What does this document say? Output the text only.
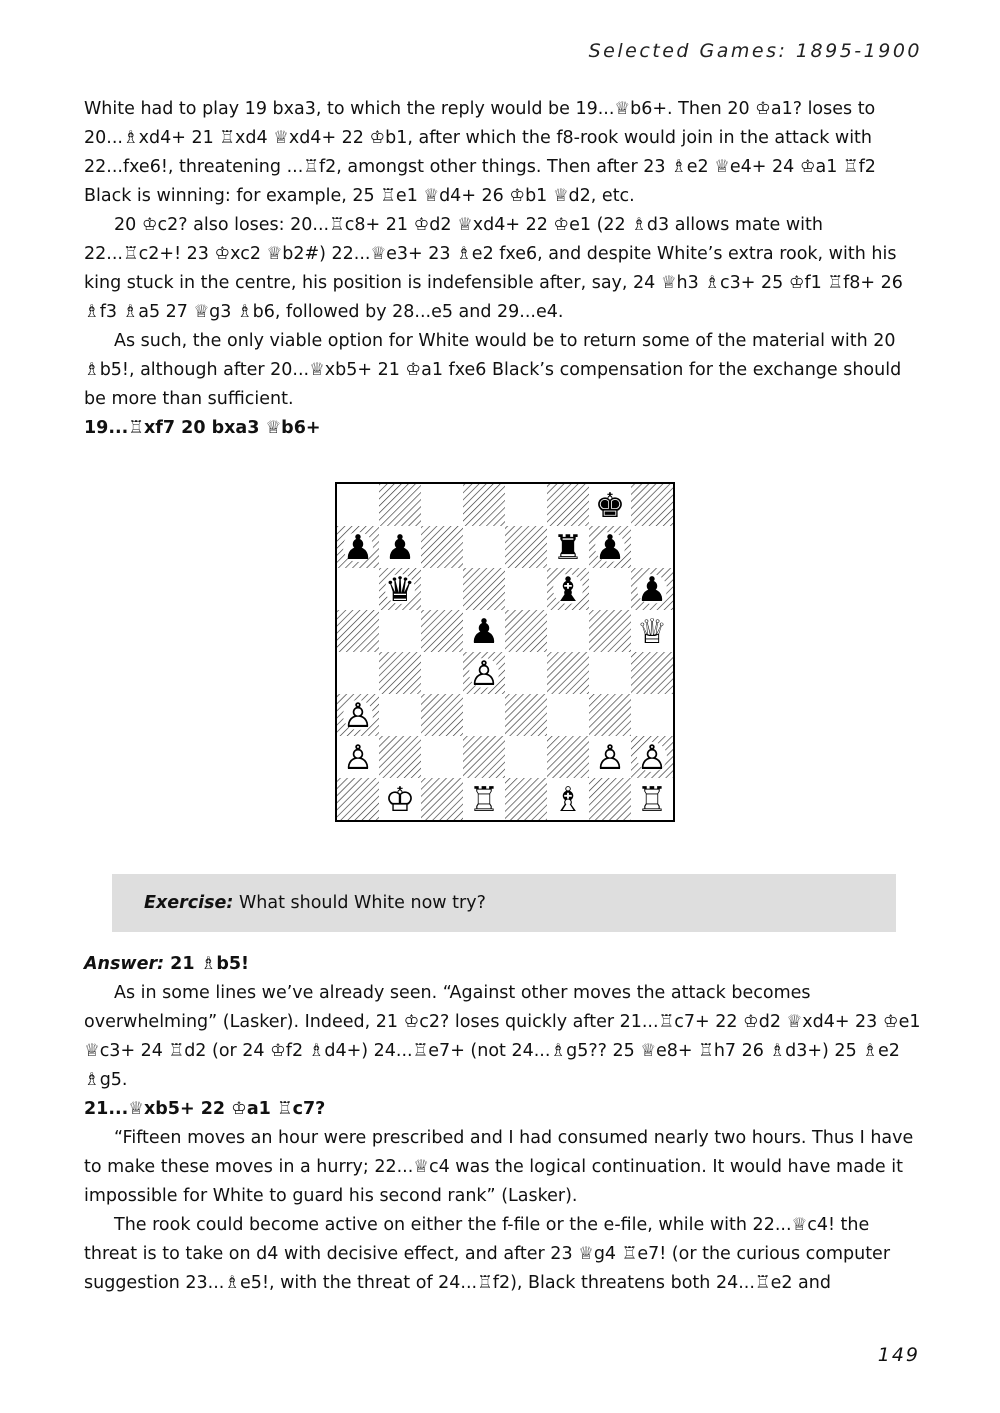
Selected Games: 1895-1900

White had to play 19 bxa3, to which the reply would be 19...♕b6+. Then 20 ♔a1? loses to 20...♗xd4+ 21 ♖xd4 ♕xd4+ 22 ♔b1, after which the f8-rook would join in the attack with 22...fxe6!, threatening ...♖f2, amongst other things. Then after 23 ♗e2 ♕e4+ 24 ♔a1 ♖f2 Black is winning: for example, 25 ♖e1 ♕d4+ 26 ♔b1 ♕d2, etc.

20 ♔c2? also loses: 20...♖c8+ 21 ♔d2 ♕xd4+ 22 ♔e1 (22 ♗d3 allows mate with 22...♖c2+! 23 ♔xc2 ♕b2#) 22...♕e3+ 23 ♗e2 fxe6, and despite White’s extra rook, with his king stuck in the centre, his position is indefensible after, say, 24 ♕h3 ♗c3+ 25 ♔f1 ♖f8+ 26 ♗f3 ♗a5 27 ♕g3 ♗b6, followed by 28...e5 and 29...e4.

As such, the only viable option for White would be to return some of the material with 20 ♗b5!, although after 20...♕xb5+ 21 ♔a1 fxe6 Black’s compensation for the exchange should be more than sufficient.

19...♖xf7 20 bxa3 ♕b6+

♚
♟ ♟	♜ ♟
♛	♝ ♟
♟	♕
♙
♙
♙	♙ ♙
♔ ♖ ♗ ♖
Exercise: What should White now try?

Answer: 21 ♗b5!

As in some lines we’ve already seen. “Against other moves the attack becomes overwhelming” (Lasker). Indeed, 21 ♔c2? loses quickly after 21...♖c7+ 22 ♔d2 ♕xd4+ 23 ♔e1 ♕c3+ 24 ♖d2 (or 24 ♔f2 ♗d4+) 24...♖e7+ (not 24...♗g5?? 25 ♕e8+ ♖h7 26 ♗d3+) 25 ♗e2 ♗g5.

21...♕xb5+ 22 ♔a1 ♖c7?

“Fifteen moves an hour were prescribed and I had consumed nearly two hours. Thus I have to make these moves in a hurry; 22...♕c4 was the logical continuation. It would have made it impossible for White to guard his second rank” (Lasker).

The rook could become active on either the f-file or the e-file, while with 22...♕c4! the threat is to take on d4 with decisive effect, and after 23 ♕g4 ♖e7! (or the curious computer suggestion 23...♗e5!, with the threat of 24...♖f2), Black threatens both 24...♖e2 and

149
